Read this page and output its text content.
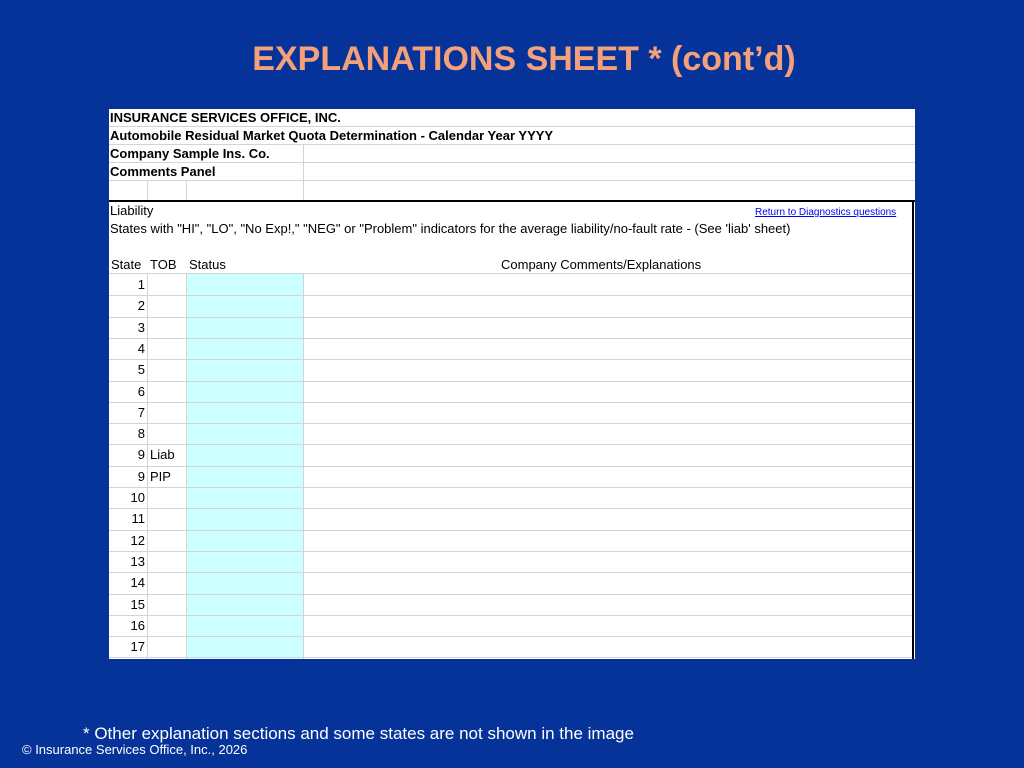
EXPLANATIONS SHEET * (cont’d)
INSURANCE SERVICES OFFICE, INC.
Automobile Residual Market Quota Determination - Calendar Year YYYY
Company Sample Ins. Co.
Comments Panel
Liability	Return to Diagnostics questions
States with "HI", "LO", "No Exp!," "NEG" or "Problem" indicators for the average liability/no-fault rate - (See 'liab' sheet)
State TOB Status	Company Comments/Explanations
1
2
3
4
5
6
7
8
9 Liab
9 PIP
10
11
12
13
14
15
16
17
* Other explanation sections and some states are not shown in the image
© Insurance Services Office, Inc., 2026
